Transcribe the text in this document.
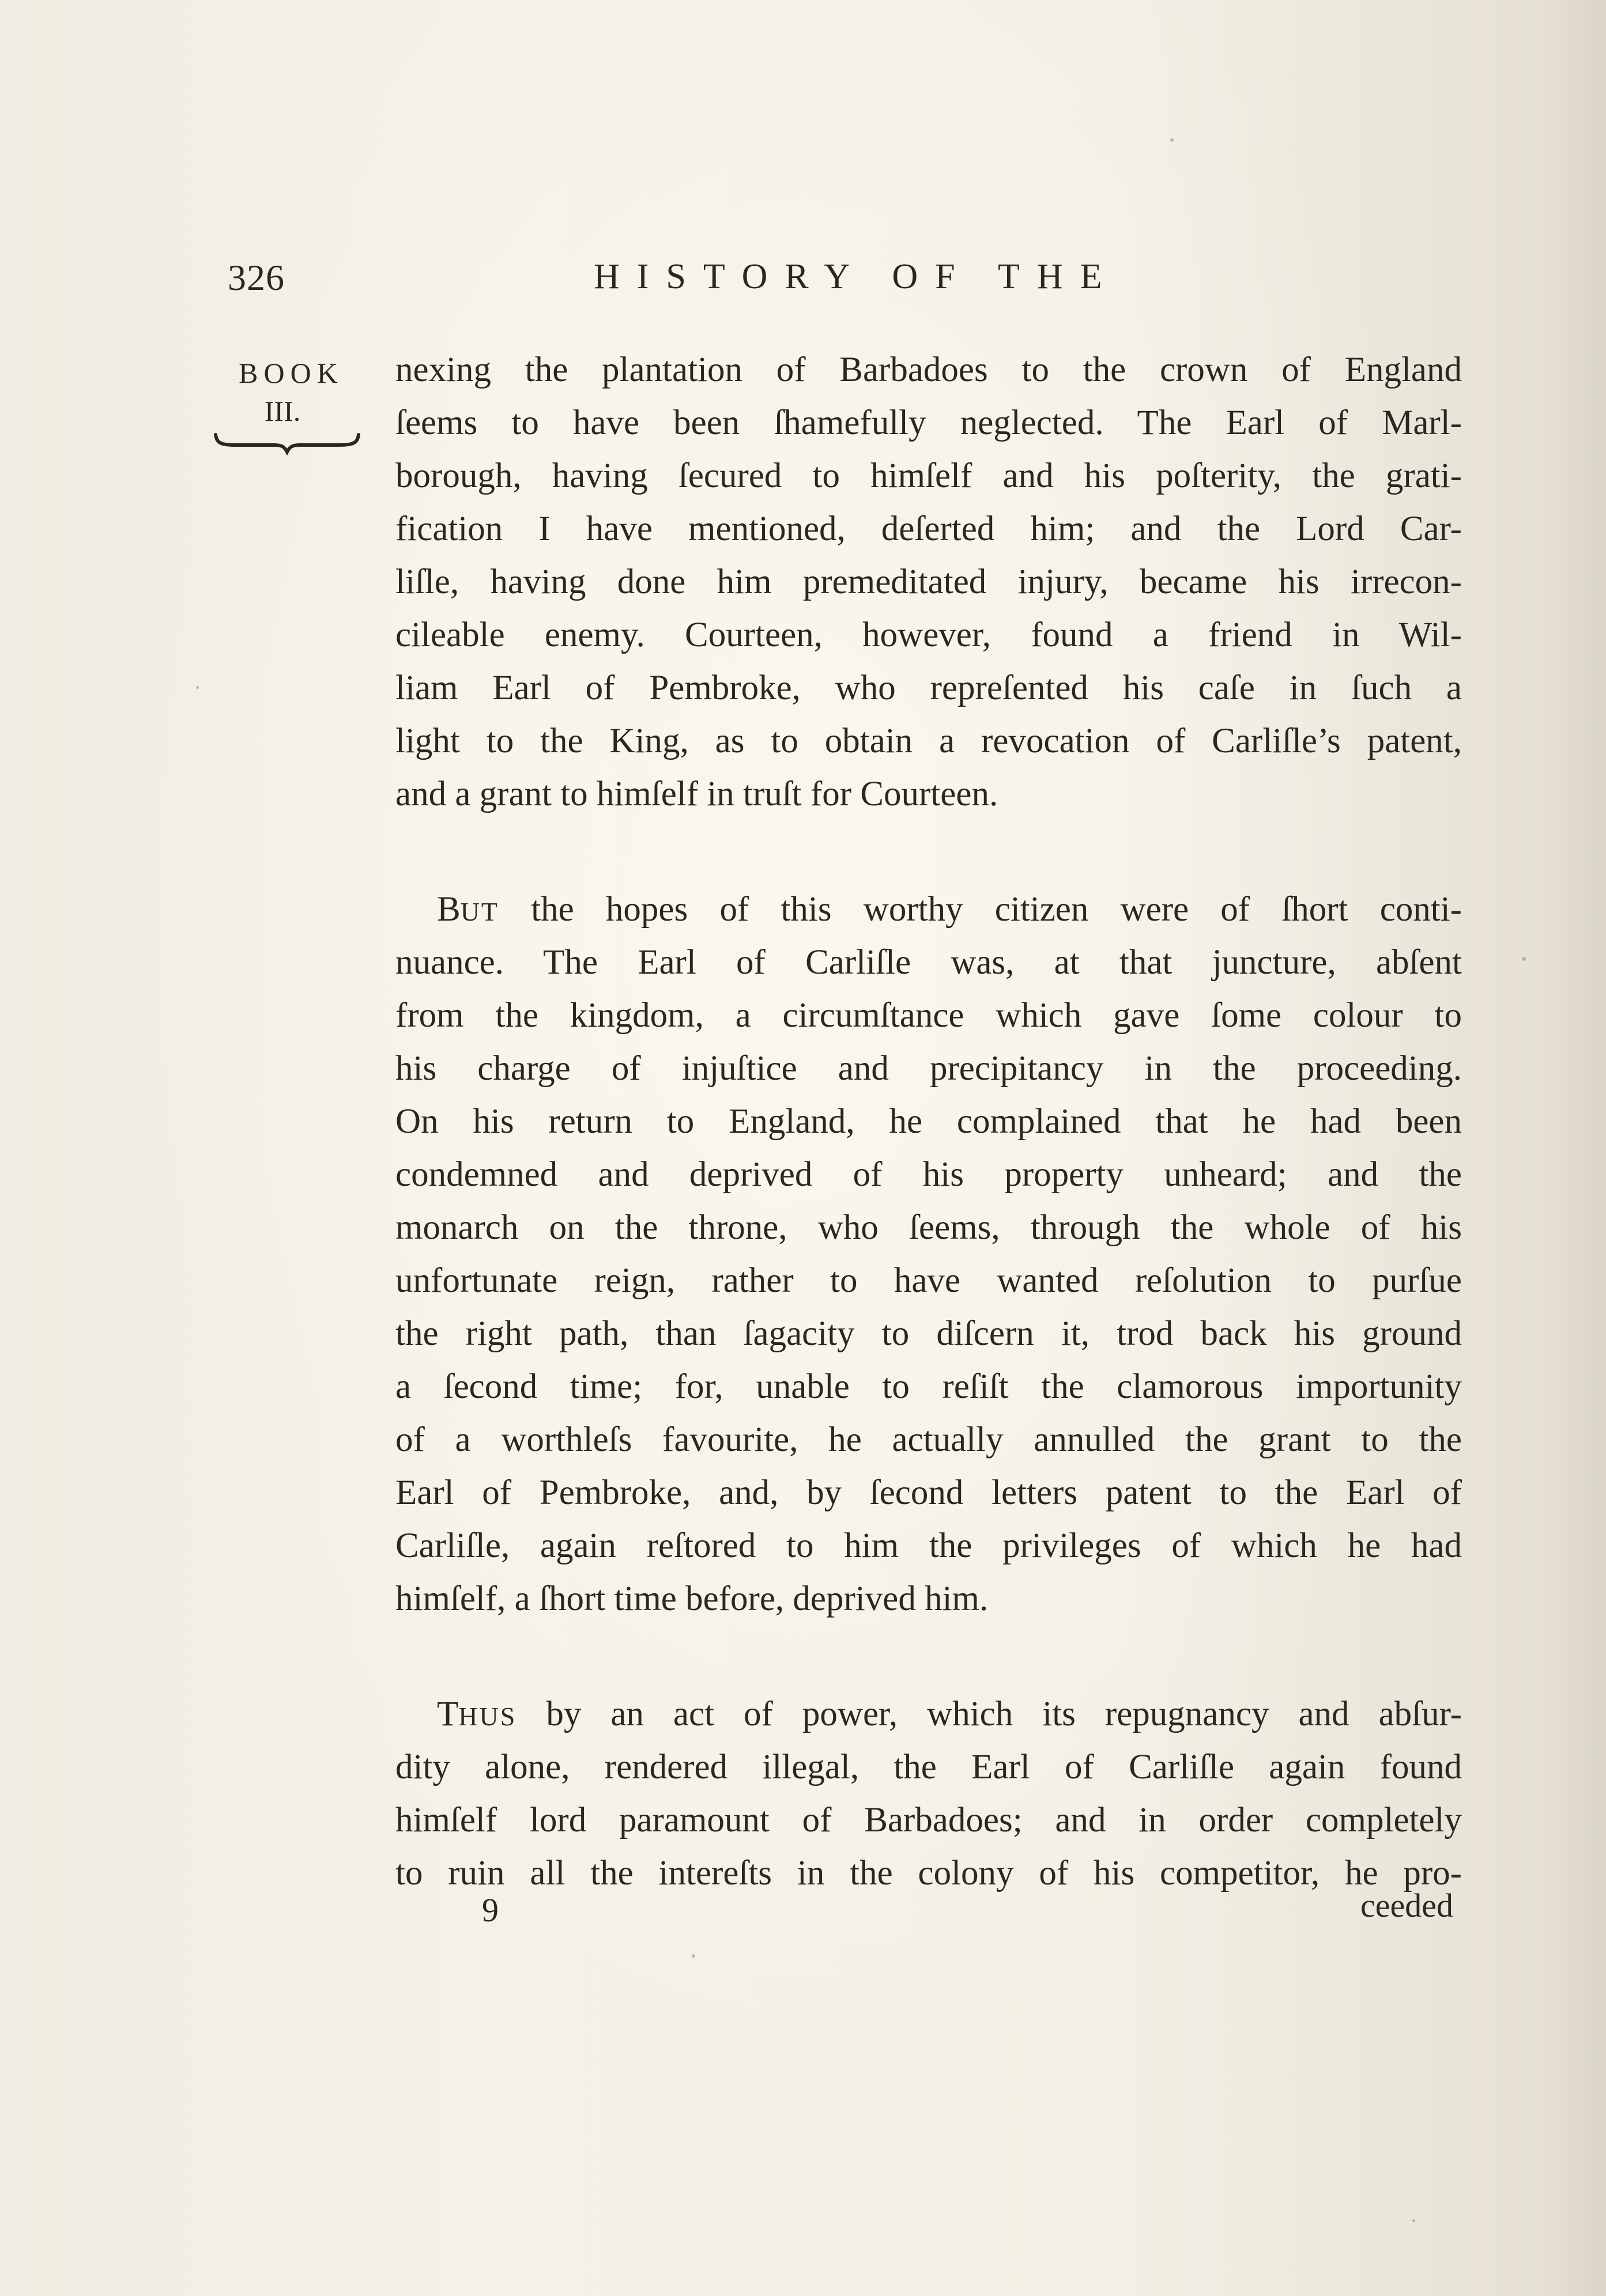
326	HISTORY OF THE
BOOK
III.
nexing the plantation of Barbadoes to the crown of England
ſeems to have been ſhamefully neglected. The Earl of Marl-
borough, having ſecured to himſelf and his poſterity, the grati-
fication I have mentioned, deſerted him; and the Lord Car-
liſle, having done him premeditated injury, became his irrecon-
cileable enemy. Courteen, however, found a friend in Wil-
liam Earl of Pembroke, who repreſented his caſe in ſuch a
light to the King, as to obtain a revocation of Carliſle’s patent,
and a grant to himſelf in truſt for Courteen.
BUT the hopes of this worthy citizen were of ſhort conti-
nuance. The Earl of Carliſle was, at that juncture, abſent
from the kingdom, a circumſtance which gave ſome colour to
his charge of injuſtice and precipitancy in the proceeding.
On his return to England, he complained that he had been
condemned and deprived of his property unheard; and the
monarch on the throne, who ſeems, through the whole of his
unfortunate reign, rather to have wanted reſolution to purſue
the right path, than ſagacity to diſcern it, trod back his ground
a ſecond time; for, unable to reſiſt the clamorous importunity
of a worthleſs favourite, he actually annulled the grant to the
Earl of Pembroke, and, by ſecond letters patent to the Earl of
Carliſle, again reſtored to him the privileges of which he had
himſelf, a ſhort time before, deprived him.
THUS by an act of power, which its repugnancy and abſur-
dity alone, rendered illegal, the Earl of Carliſle again found
himſelf lord paramount of Barbadoes; and in order completely
to ruin all the intereſts in the colony of his competitor, he pro-
9	ceeded
